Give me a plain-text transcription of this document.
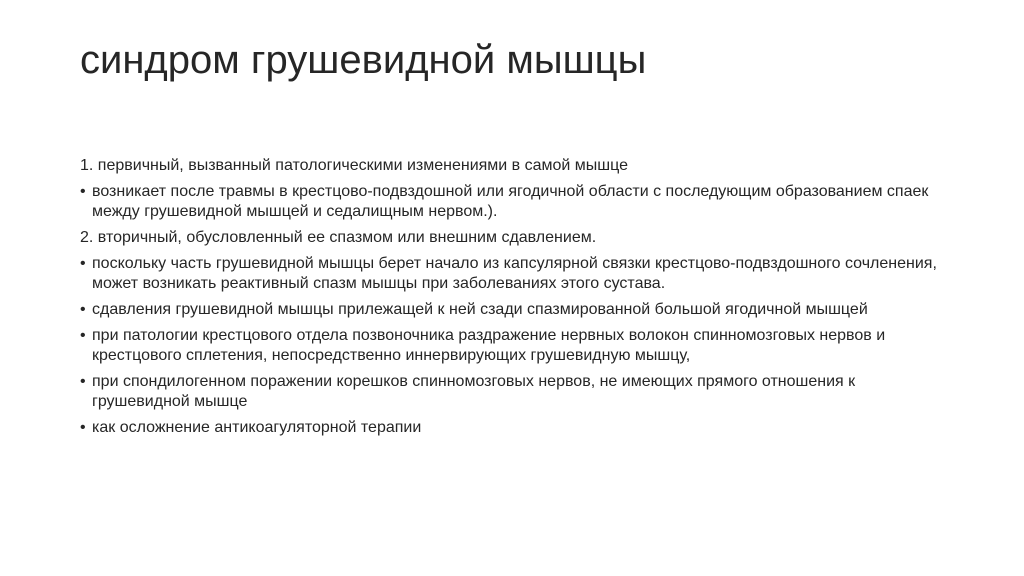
синдром грушевидной мышцы

1. первичный, вызванный патологическими изменениями в самой мышце

• возникает после травмы в крестцово-подвздошной или ягодичной области с последующим образованием спаек между грушевидной мышцей и седалищным нервом.).

2. вторичный, обусловленный ее спазмом или внешним сдавлением.

• поскольку часть грушевидной мышцы берет начало из капсулярной связки крестцово-подвздошного сочленения, может возникать реактивный спазм мышцы при заболеваниях этого сустава.

• сдавления грушевидной мышцы прилежащей к ней сзади спазмированной большой ягодичной мышцей

• при патологии крестцового отдела позвоночника раздражение нервных волокон спинномозговых нервов и крестцового сплетения, непосредственно иннервирующих грушевидную мышцу,

• при спондилогенном поражении корешков спинномозговых нервов, не имеющих прямого отношения к грушевидной мышце

• как осложнение антикоагуляторной терапии
